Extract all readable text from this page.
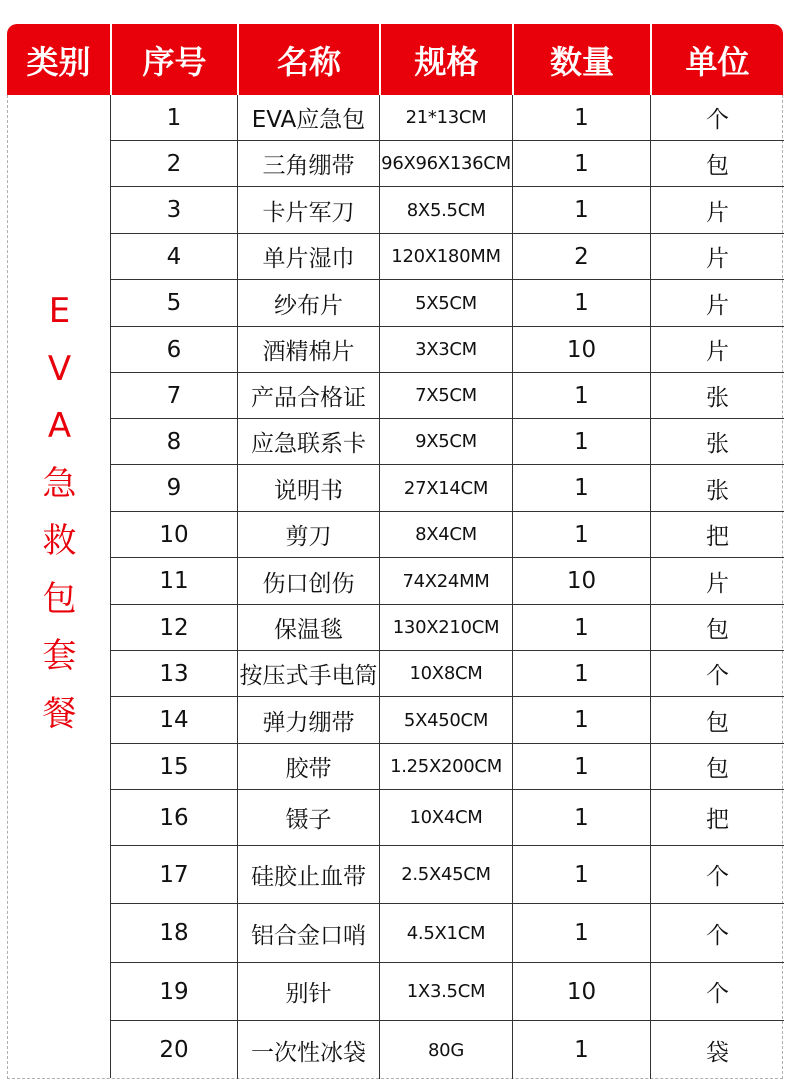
类别	序号	名称	规格	数量	单位
E
V
A
急
救
包
套
餐
1	EVA应急包	21*13CM	1	个
2	三角绷带	96X96X136CM	1	包
3	卡片军刀	8X5.5CM	1	片
4	单片湿巾	120X180MM	2	片
5	纱布片	5X5CM	1	片
6	酒精棉片	3X3CM	10	片
7	产品合格证	7X5CM	1	张
8	应急联系卡	9X5CM	1	张
9	说明书	27X14CM	1	张
10	剪刀	8X4CM	1	把
11	伤口创伤	74X24MM	10	片
12	保温毯	130X210CM	1	包
13	按压式手电筒	10X8CM	1	个
14	弹力绷带	5X450CM	1	包
15	胶带	1.25X200CM	1	包
16	镊子	10X4CM	1	把
17	硅胶止血带	2.5X45CM	1	个
18	铝合金口哨	4.5X1CM	1	个
19	别针	1X3.5CM	10	个
20	一次性冰袋	80G	1	袋
